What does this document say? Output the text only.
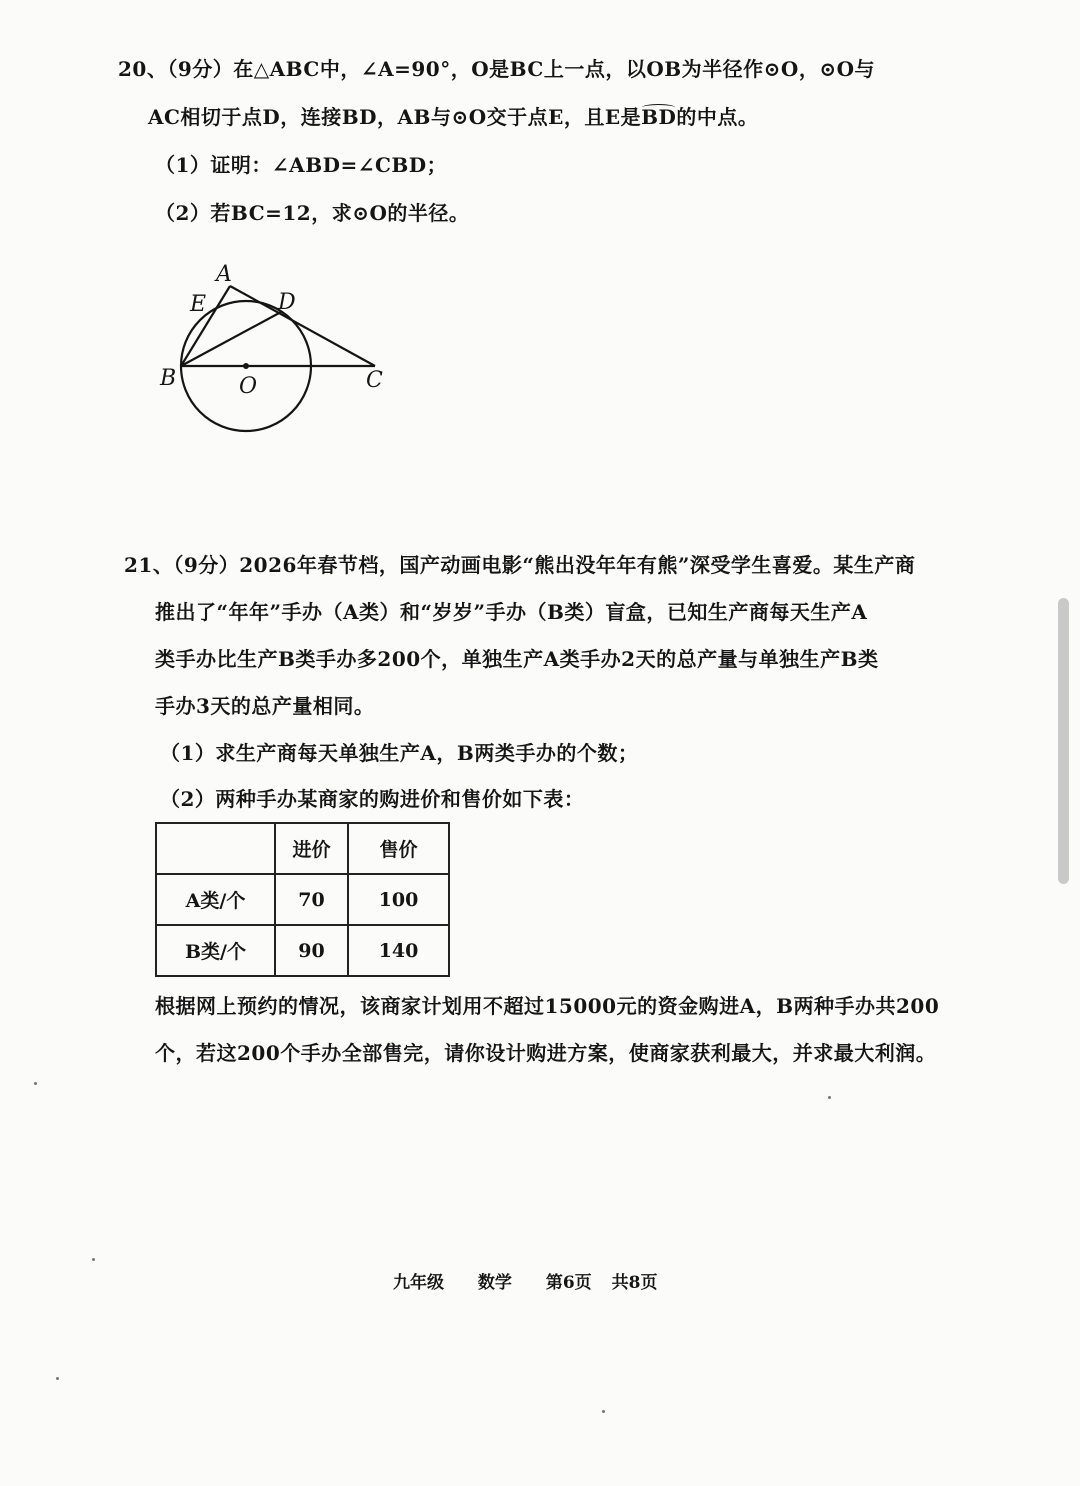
20、（9分）在△ABC中，∠A=90°，O是BC上一点，以OB为半径作⊙O，⊙O与
AC相切于点D，连接BD，AB与⊙O交于点E，且E是BD的中点。
（1）证明：∠ABD=∠CBD；
（2）若BC=12，求⊙O的半径。
A
E	D
B	O	C
21、（9分）2026年春节档，国产动画电影“熊出没年年有熊”深受学生喜爱。某生产商
推出了“年年”手办（A类）和“岁岁”手办（B类）盲盒，已知生产商每天生产A
类手办比生产B类手办多200个，单独生产A类手办2天的总产量与单独生产B类
手办3天的总产量相同。
（1）求生产商每天单独生产A，B两类手办的个数；
（2）两种手办某商家的购进价和售价如下表：
	进价	售价
A类/个	70	100
B类/个	90	140
根据网上预约的情况，该商家计划用不超过15000元的资金购进A，B两种手办共200
个，若这200个手办全部售完，请你设计购进方案，使商家获利最大，并求最大利润。
九年级 数学 第6页 共8页
